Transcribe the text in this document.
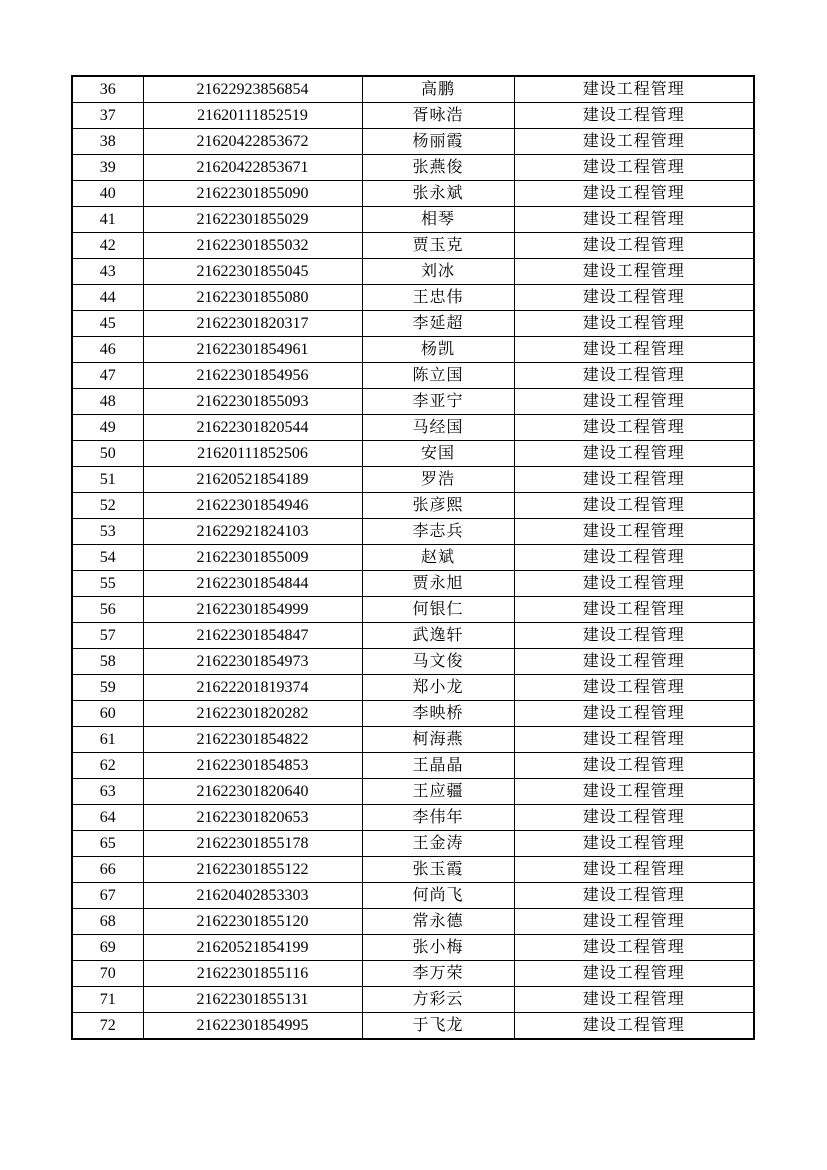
36	21622923856854	高鹏	建设工程管理
37	21620111852519	胥咏浩	建设工程管理
38	21620422853672	杨丽霞	建设工程管理
39	21620422853671	张燕俊	建设工程管理
40	21622301855090	张永斌	建设工程管理
41	21622301855029	相琴	建设工程管理
42	21622301855032	贾玉克	建设工程管理
43	21622301855045	刘冰	建设工程管理
44	21622301855080	王忠伟	建设工程管理
45	21622301820317	李延超	建设工程管理
46	21622301854961	杨凯	建设工程管理
47	21622301854956	陈立国	建设工程管理
48	21622301855093	李亚宁	建设工程管理
49	21622301820544	马经国	建设工程管理
50	21620111852506	安国	建设工程管理
51	21620521854189	罗浩	建设工程管理
52	21622301854946	张彦熙	建设工程管理
53	21622921824103	李志兵	建设工程管理
54	21622301855009	赵斌	建设工程管理
55	21622301854844	贾永旭	建设工程管理
56	21622301854999	何银仁	建设工程管理
57	21622301854847	武逸轩	建设工程管理
58	21622301854973	马文俊	建设工程管理
59	21622201819374	郑小龙	建设工程管理
60	21622301820282	李映桥	建设工程管理
61	21622301854822	柯海燕	建设工程管理
62	21622301854853	王晶晶	建设工程管理
63	21622301820640	王应疆	建设工程管理
64	21622301820653	李伟年	建设工程管理
65	21622301855178	王金涛	建设工程管理
66	21622301855122	张玉霞	建设工程管理
67	21620402853303	何尚飞	建设工程管理
68	21622301855120	常永德	建设工程管理
69	21620521854199	张小梅	建设工程管理
70	21622301855116	李万荣	建设工程管理
71	21622301855131	方彩云	建设工程管理
72	21622301854995	于飞龙	建设工程管理
